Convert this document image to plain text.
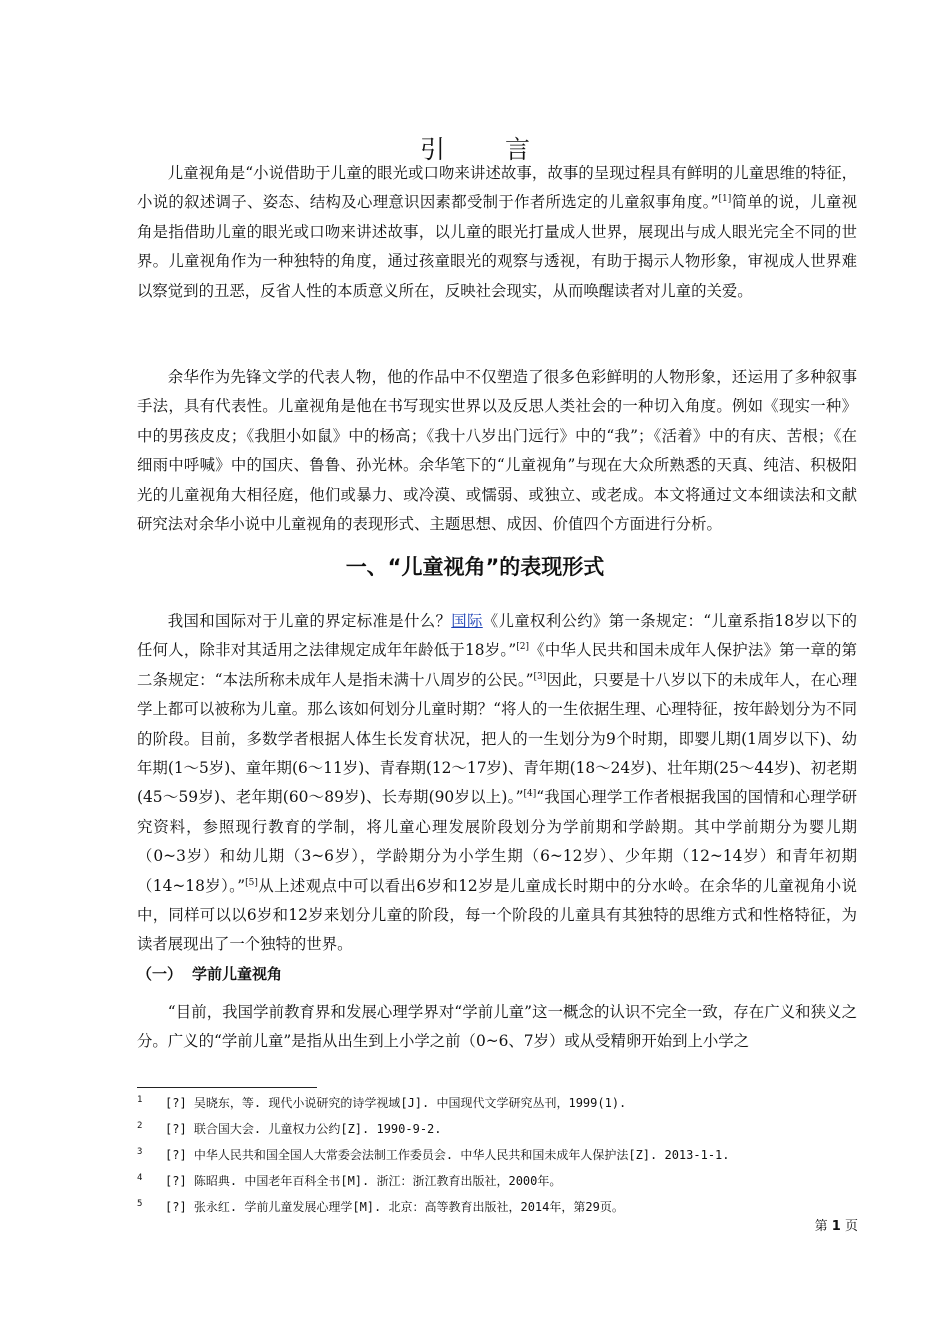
引 言

儿童视角是“小说借助于儿童的眼光或口吻来讲述故事，故事的呈现过程具有鲜明的儿童思维的特征，小说的叙述调子、姿态、结构及心理意识因素都受制于作者所选定的儿童叙事角度。”[1]简单的说，儿童视角是指借助儿童的眼光或口吻来讲述故事，以儿童的眼光打量成人世界，展现出与成人眼光完全不同的世界。儿童视角作为一种独特的角度，通过孩童眼光的观察与透视，有助于揭示人物形象，审视成人世界难以察觉到的丑恶，反省人性的本质意义所在，反映社会现实，从而唤醒读者对儿童的关爱。

余华作为先锋文学的代表人物，他的作品中不仅塑造了很多色彩鲜明的人物形象，还运用了多种叙事手法，具有代表性。儿童视角是他在书写现实世界以及反思人类社会的一种切入角度。例如《现实一种》中的男孩皮皮；《我胆小如鼠》中的杨高；《我十八岁出门远行》中的“我”；《活着》中的有庆、苦根；《在细雨中呼喊》中的国庆、鲁鲁、孙光林。余华笔下的“儿童视角”与现在大众所熟悉的天真、纯洁、积极阳光的儿童视角大相径庭，他们或暴力、或冷漠、或懦弱、或独立、或老成。本文将通过文本细读法和文献研究法对余华小说中儿童视角的表现形式、主题思想、成因、价值四个方面进行分析。

一、“儿童视角”的表现形式

我国和国际对于儿童的界定标准是什么？国际《儿童权利公约》第一条规定：“儿童系指18岁以下的任何人，除非对其适用之法律规定成年年龄低于18岁。”[2]《中华人民共和国未成年人保护法》第一章的第二条规定：“本法所称未成年人是指未满十八周岁的公民。”[3]因此，只要是十八岁以下的未成年人，在心理学上都可以被称为儿童。那么该如何划分儿童时期？“将人的一生依据生理、心理特征，按年龄划分为不同的阶段。目前，多数学者根据人体生长发育状况，把人的一生划分为9个时期，即婴儿期(1周岁以下)、幼年期(1～5岁)、童年期(6～11岁)、青春期(12～17岁)、青年期(18～24岁)、壮年期(25～44岁)、初老期(45～59岁)、老年期(60～89岁)、长寿期(90岁以上)。”[4]“我国心理学工作者根据我国的国情和心理学研究资料，参照现行教育的学制，将儿童心理发展阶段划分为学前期和学龄期。其中学前期分为婴儿期（0~3岁）和幼儿期（3~6岁），学龄期分为小学生期（6~12岁）、少年期（12~14岁）和青年初期（14~18岁）。”[5]从上述观点中可以看出6岁和12岁是儿童成长时期中的分水岭。在余华的儿童视角小说中，同样可以以6岁和12岁来划分儿童的阶段，每一个阶段的儿童具有其独特的思维方式和性格特征，为读者展现出了一个独特的世界。

（一） 学前儿童视角

“目前，我国学前教育界和发展心理学界对“学前儿童”这一概念的认识不完全一致，存在广义和狭义之分。广义的“学前儿童”是指从出生到上小学之前（0~6、7岁）或从受精卵开始到上小学之

1 [?] 吴晓东，等. 现代小说研究的诗学视域[J]. 中国现代文学研究丛刊，1999(1).
2 [?] 联合国大会. 儿童权力公约[Z]. 1990-9-2.
3 [?] 中华人民共和国全国人大常委会法制工作委员会. 中华人民共和国未成年人保护法[Z]. 2013-1-1.
4 [?] 陈昭典. 中国老年百科全书[M]. 浙江：浙江教育出版社，2000年。
5 [?] 张永红. 学前儿童发展心理学[M]. 北京：高等教育出版社，2014年，第29页。
第 1 页
